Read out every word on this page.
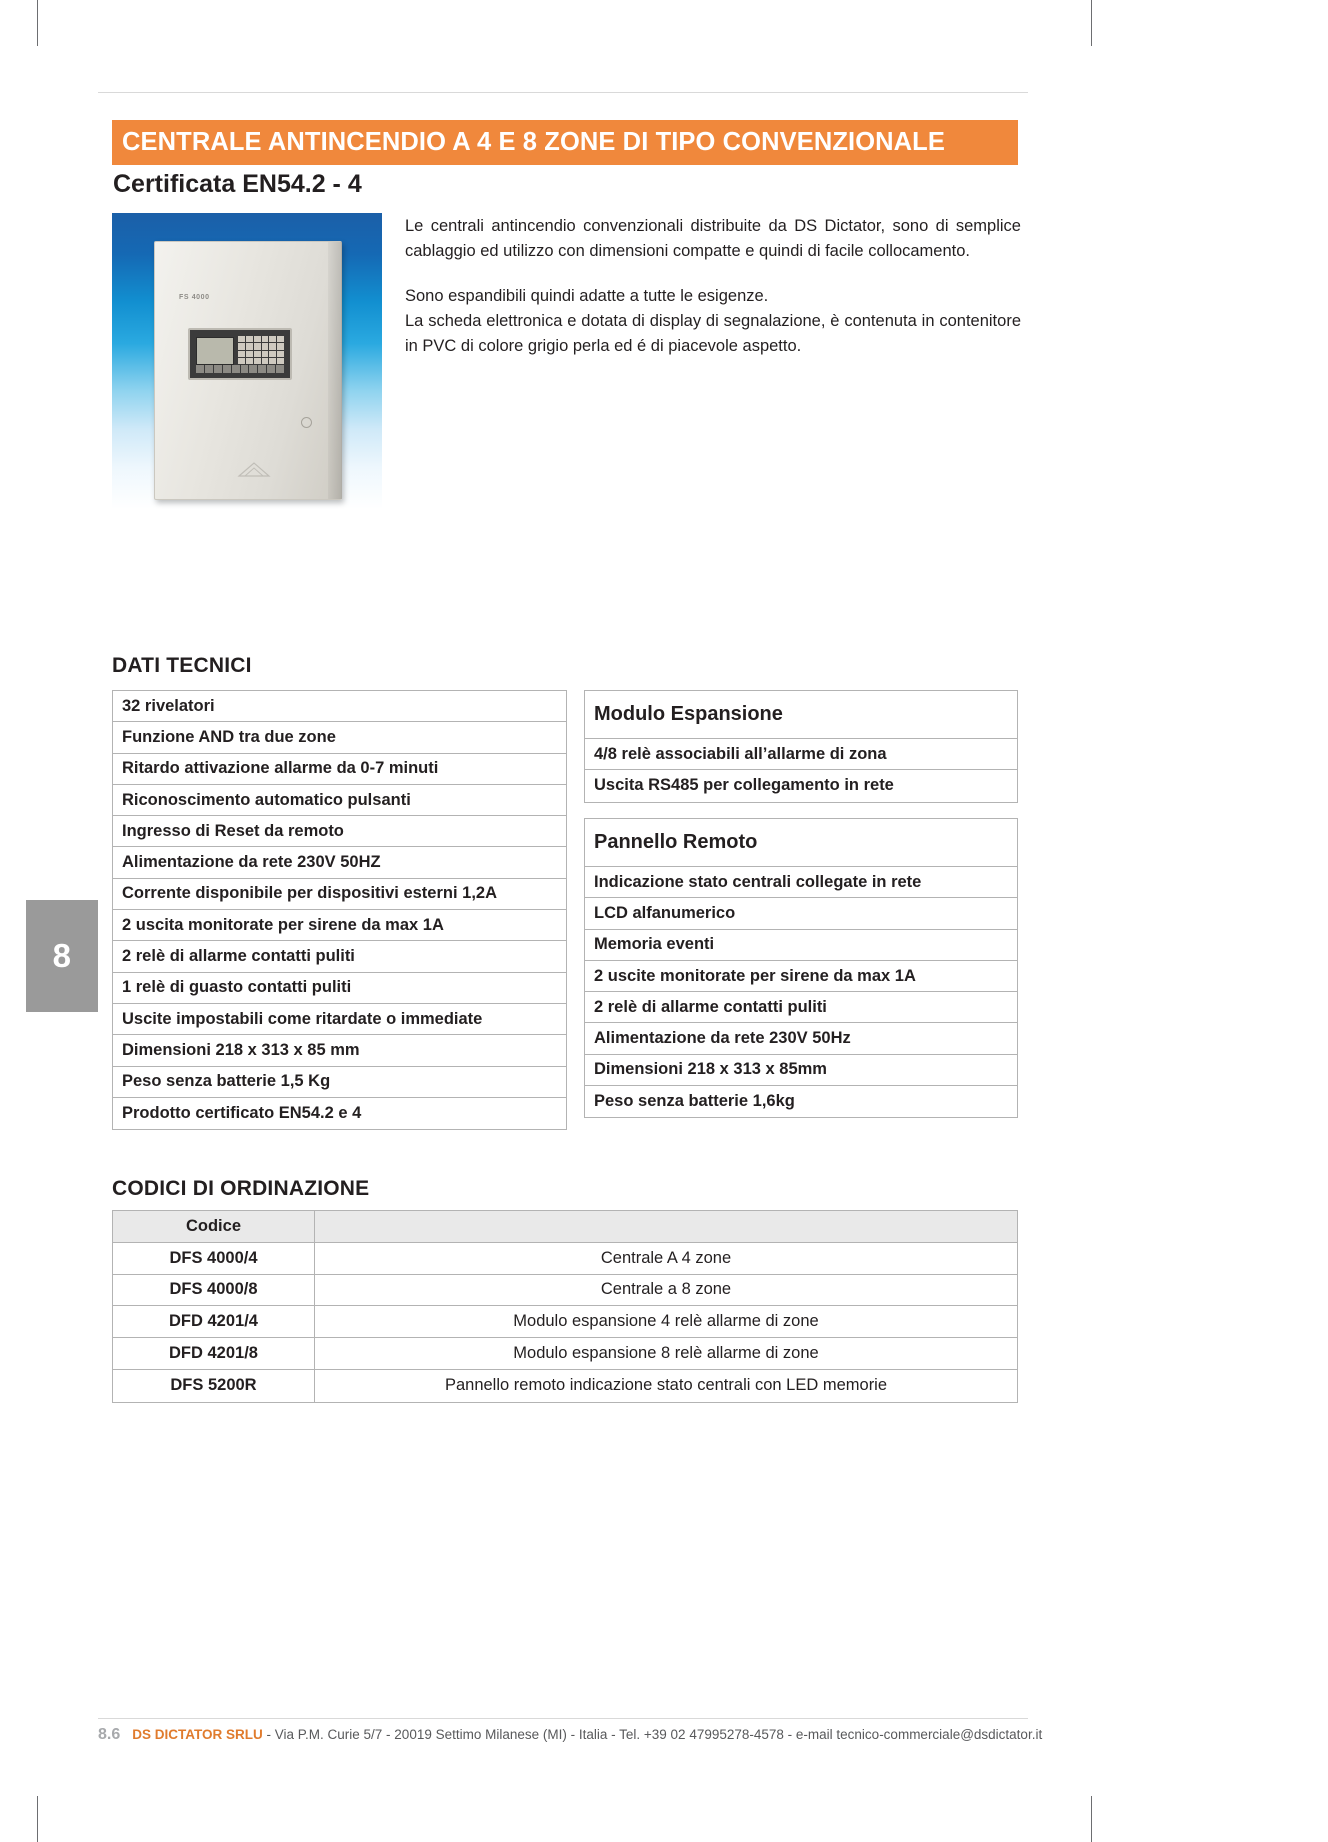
8
CENTRALE ANTINCENDIO A 4 E 8 ZONE DI TIPO CONVENZIONALE
Certificata EN54.2 - 4
FS 4000

Le centrali antincendio convenzionali distribuite da DS Dictator, sono di semplice cablaggio ed utilizzo con dimensioni compatte e quindi di facile collocamento.

Sono espandibili quindi adatte a tutte le esigenze.

La scheda elettronica e dotata di display di segnalazione, è contenuta in contenitore in PVC di colore grigio perla ed é di piacevole aspetto.

DATI TECNICI
CODICI DI ORDINAZIONE
32 rivelatori
Funzione AND tra due zone
Ritardo attivazione allarme da 0-7 minuti
Riconoscimento automatico pulsanti
Ingresso di Reset da remoto
Alimentazione da rete 230V 50HZ
Corrente disponibile per dispositivi esterni 1,2A
2 uscita monitorate per sirene da max 1A
2 relè di allarme contatti puliti
1 relè di guasto contatti puliti
Uscite impostabili come ritardate o immediate
Dimensioni 218 x 313 x 85 mm
Peso senza batterie 1,5 Kg
Prodotto certificato EN54.2 e 4
Modulo Espansione
4/8 relè associabili all’allarme di zona
Uscita RS485 per collegamento in rete
Pannello Remoto
Indicazione stato centrali collegate in rete
LCD alfanumerico
Memoria eventi
2 uscite monitorate per sirene da max 1A
2 relè di allarme contatti puliti
Alimentazione da rete 230V 50Hz
Dimensioni 218 x 313 x 85mm
Peso senza batterie 1,6kg
Codice
DFS 4000/4	Centrale A 4 zone
DFS 4000/8	Centrale a 8 zone
DFD 4201/4	Modulo espansione 4 relè allarme di zone
DFD 4201/8	Modulo espansione 8 relè allarme di zone
DFS 5200R	Pannello remoto indicazione stato centrali con LED memorie
8.6 DS DICTATOR SRLU - Via P.M. Curie 5/7 - 20019 Settimo Milanese (MI) - Italia - Tel. +39 02 47995278-4578 - e-mail tecnico-commerciale@dsdictator.it
